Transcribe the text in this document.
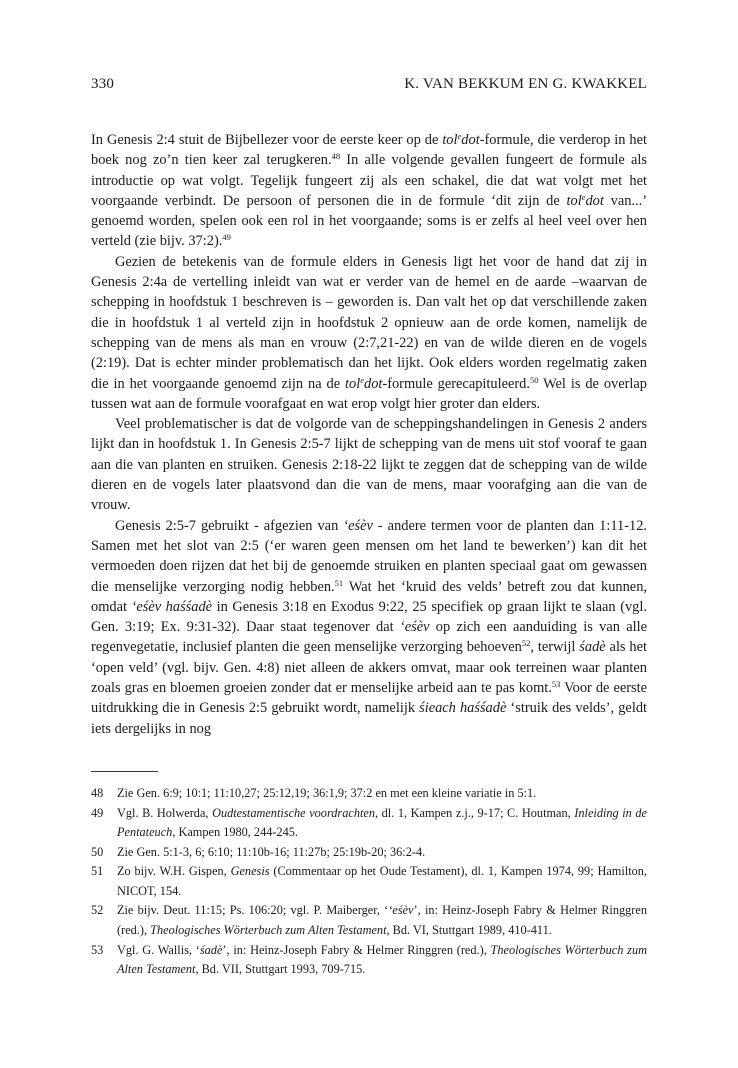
330	K. VAN BEKKUM EN G. KWAKKEL

In Genesis 2:4 stuit de Bijbellezer voor de eerste keer op de tol$^e$dot-formule, die verderop in het boek nog zo’n tien keer zal terugkeren.$^{48}$ In alle volgende gevallen fungeert de formule als introductie op wat volgt. Tegelijk fungeert zij als een schakel, die dat wat volgt met het voorgaande verbindt. De persoon of personen die in de formule ‘dit zijn de tol$^e$dot van...’ genoemd worden, spelen ook een rol in het voorgaande; soms is er zelfs al heel veel over hen verteld (zie bijv. 37:2).$^{49}$

Gezien de betekenis van de formule elders in Genesis ligt het voor de hand dat zij in Genesis 2:4a de vertelling inleidt van wat er verder van de hemel en de aarde –waarvan de schepping in hoofdstuk 1 beschreven is – geworden is. Dan valt het op dat verschillende zaken die in hoofdstuk 1 al verteld zijn in hoofdstuk 2 opnieuw aan de orde komen, namelijk de schepping van de mens als man en vrouw (2:7,21-22) en van de wilde dieren en de vogels (2:19). Dat is echter minder problematisch dan het lijkt. Ook elders worden regelmatig zaken die in het voorgaande genoemd zijn na de tol$^e$dot-formule gerecapituleerd.$^{50}$ Wel is de overlap tussen wat aan de formule voorafgaat en wat erop volgt hier groter dan elders.

Veel problematischer is dat de volgorde van de scheppingshandelingen in Genesis 2 anders lijkt dan in hoofdstuk 1. In Genesis 2:5-7 lijkt de schepping van de mens uit stof vooraf te gaan aan die van planten en struiken. Genesis 2:18-22 lijkt te zeggen dat de schepping van de wilde dieren en de vogels later plaatsvond dan die van de mens, maar voorafging aan die van de vrouw.

Genesis 2:5-7 gebruikt - afgezien van ‘eśèv - andere termen voor de planten dan 1:11-12. Samen met het slot van 2:5 (‘er waren geen mensen om het land te bewerken’) kan dit het vermoeden doen rijzen dat het bij de genoemde struiken en planten speciaal gaat om gewassen die menselijke verzorging nodig hebben.$^{51}$ Wat het ‘kruid des velds’ betreft zou dat kunnen, omdat ‘eśèv haśśadè in Genesis 3:18 en Exodus 9:22, 25 specifiek op graan lijkt te slaan (vgl. Gen. 3:19; Ex. 9:31-32). Daar staat tegenover dat ‘eśèv op zich een aanduiding is van alle regenvegetatie, inclusief planten die geen menselijke verzorging behoeven$^{52}$, terwijl śadè als het ‘open veld’ (vgl. bijv. Gen. 4:8) niet alleen de akkers omvat, maar ook terreinen waar planten zoals gras en bloemen groeien zonder dat er menselijke arbeid aan te pas komt.$^{53}$ Voor de eerste uitdrukking die in Genesis 2:5 gebruikt wordt, namelijk śieach haśśadè ‘struik des velds’, geldt iets dergelijks in nog

48	Zie Gen. 6:9; 10:1; 11:10,27; 25:12,19; 36:1,9; 37:2 en met een kleine variatie in 5:1.
49	Vgl. B. Holwerda, Oudtestamentische voordrachten, dl. 1, Kampen z.j., 9-17; C. Houtman, Inleiding in de Pentateuch, Kampen 1980, 244-245.
50	Zie Gen. 5:1-3, 6; 6:10; 11:10b-16; 11:27b; 25:19b-20; 36:2-4.
51	Zo bijv. W.H. Gispen, Genesis (Commentaar op het Oude Testament), dl. 1, Kampen 1974, 99; Hamilton, NICOT, 154.
52	Zie bijv. Deut. 11:15; Ps. 106:20; vgl. P. Maiberger, ‘‘eśèv’, in: Heinz-Joseph Fabry & Helmer Ringgren (red.), Theologisches Wörterbuch zum Alten Testament, Bd. VI, Stuttgart 1989, 410-411.
53	Vgl. G. Wallis, ‘śadè’, in: Heinz-Joseph Fabry & Helmer Ringgren (red.), Theologisches Wörterbuch zum Alten Testament, Bd. VII, Stuttgart 1993, 709-715.
